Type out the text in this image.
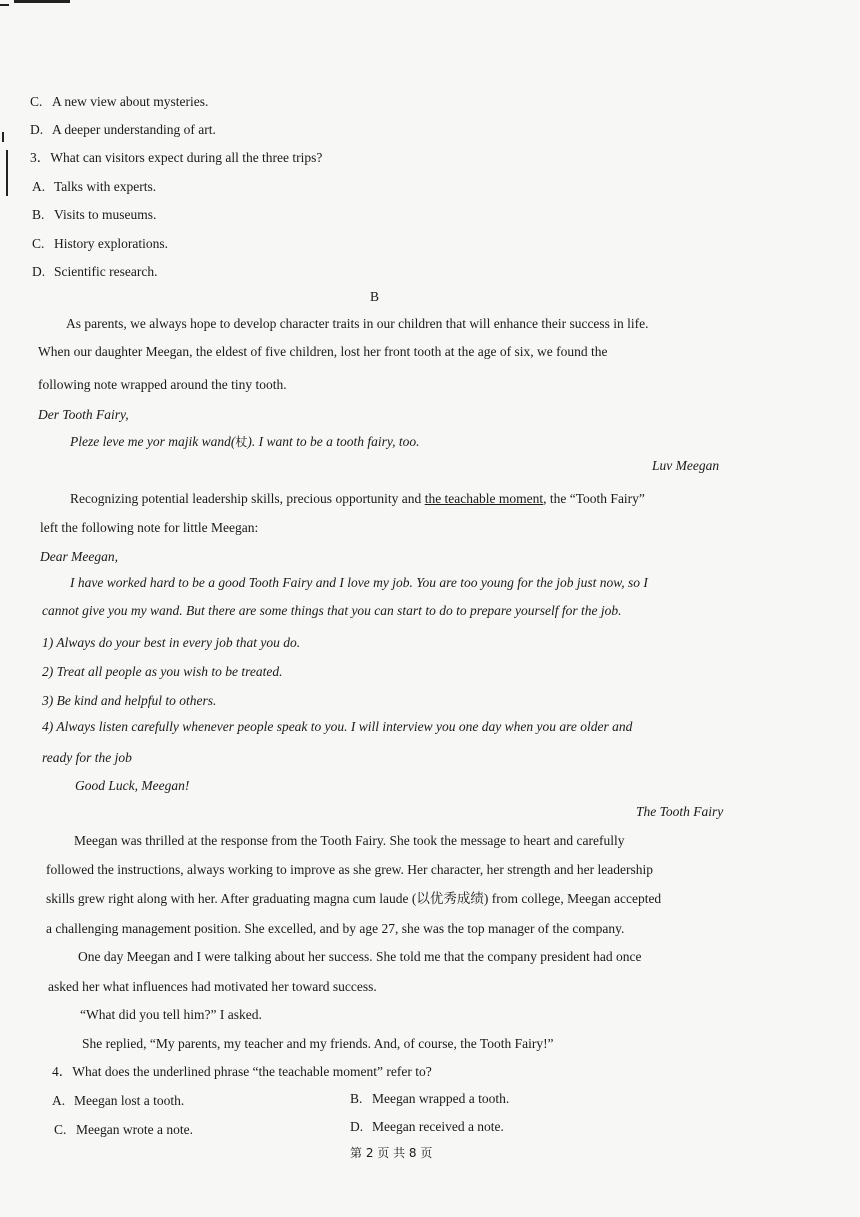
C. A new view about mysteries.
D. A deeper understanding of art.
3．What can visitors expect during all the three trips?
A. Talks with experts.
B. Visits to museums.
C. History explorations.
D. Scientific research.
B
As parents, we always hope to develop character traits in our children that will enhance their success in life.
When our daughter Meegan, the eldest of five children, lost her front tooth at the age of six, we found the
following note wrapped around the tiny tooth.
Der Tooth Fairy,
Pleze leve me yor majik wand(杖). I want to be a tooth fairy, too.
Luv Meegan
Recognizing potential leadership skills, precious opportunity and the teachable moment, the “Tooth Fairy”
left the following note for little Meegan:
Dear Meegan,
I have worked hard to be a good Tooth Fairy and I love my job. You are too young for the job just now, so I
cannot give you my wand. But there are some things that you can start to do to prepare yourself for the job.
1) Always do your best in every job that you do.
2) Treat all people as you wish to be treated.
3) Be kind and helpful to others.
4) Always listen carefully whenever people speak to you. I will interview you one day when you are older and
ready for the job
Good Luck, Meegan!
The Tooth Fairy
Meegan was thrilled at the response from the Tooth Fairy. She took the message to heart and carefully
followed the instructions, always working to improve as she grew. Her character, her strength and her leadership
skills grew right along with her. After graduating magna cum laude (以优秀成绩) from college, Meegan accepted
a challenging management position. She excelled, and by age 27, she was the top manager of the company.
One day Meegan and I were talking about her success. She told me that the company president had once
asked her what influences had motivated her toward success.
“What did you tell him?” I asked.
She replied, “My parents, my teacher and my friends. And, of course, the Tooth Fairy!”
4．What does the underlined phrase “the teachable moment” refer to?
A. Meegan lost a tooth.	B. Meegan wrapped a tooth.
C. Meegan wrote a note.	D. Meegan received a note.
第 2 页 共 8 页
